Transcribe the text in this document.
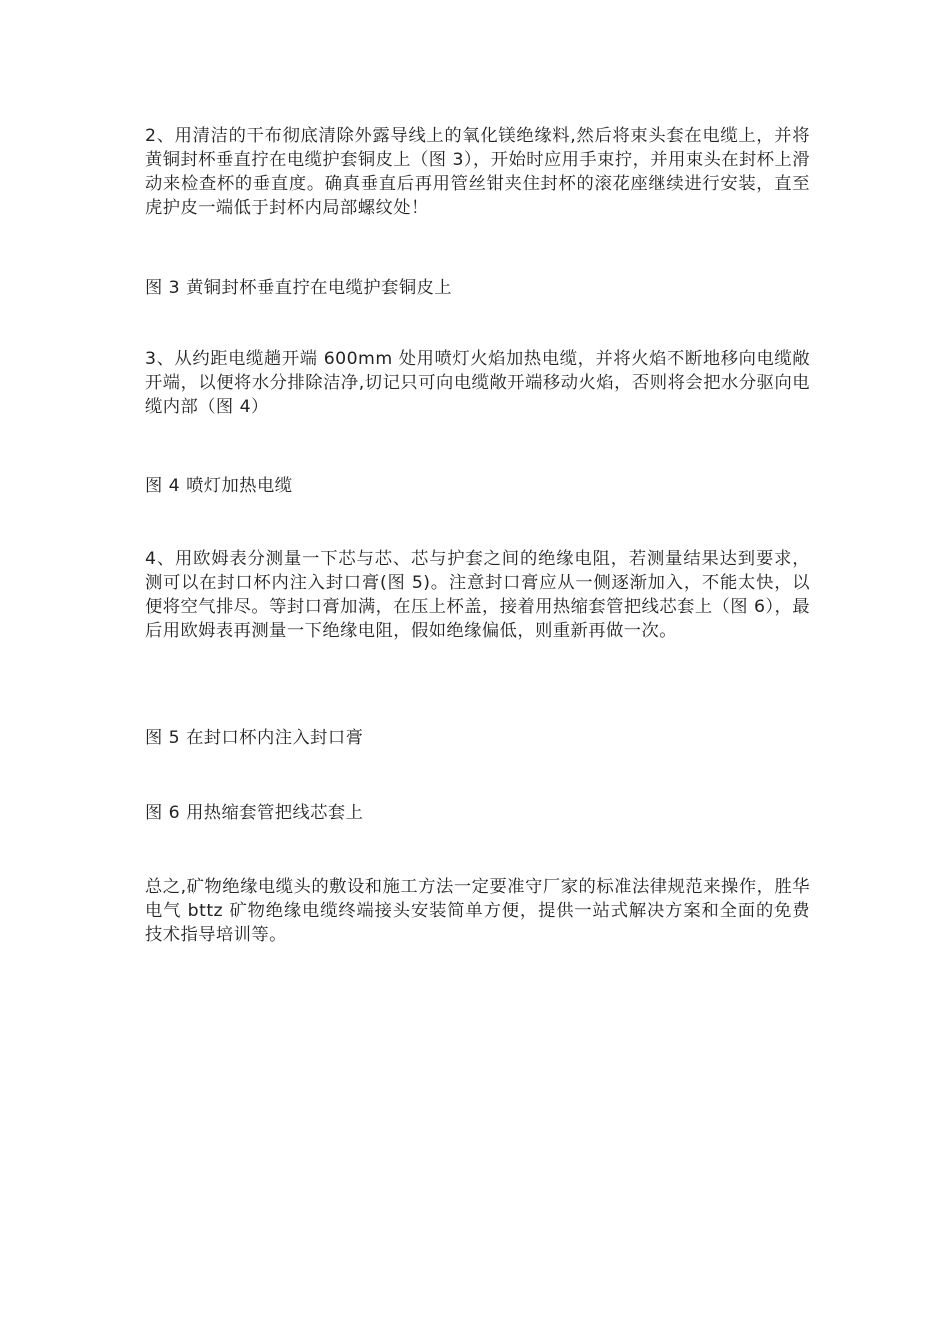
2、用清洁的干布彻底清除外露导线上的氧化镁绝缘料,然后将束头套在电缆上，并将黄铜封杯垂直拧在电缆护套铜皮上（图 3），开始时应用手束拧，并用束头在封杯上滑动来检查杯的垂直度。确真垂直后再用管丝钳夹住封杯的滚花座继续进行安装，直至虎护皮一端低于封杯内局部螺纹处！

图 3 黄铜封杯垂直拧在电缆护套铜皮上

3、从约距电缆趟开端 600mm 处用喷灯火焰加热电缆，并将火焰不断地移向电缆敞开端，以便将水分排除洁净,切记只可向电缆敞开端移动火焰，否则将会把水分驱向电缆内部（图 4）

图 4 喷灯加热电缆

4、用欧姆表分测量一下芯与芯、芯与护套之间的绝缘电阻，若测量结果达到要求，测可以在封口杯内注入封口膏(图 5)。注意封口膏应从一侧逐渐加入，不能太快，以便将空气排尽。等封口膏加满，在压上杯盖，接着用热缩套管把线芯套上（图 6），最后用欧姆表再测量一下绝缘电阻，假如绝缘偏低，则重新再做一次。

图 5 在封口杯内注入封口膏

图 6 用热缩套管把线芯套上

总之,矿物绝缘电缆头的敷设和施工方法一定要准守厂家的标准法律规范来操作，胜华电气 bttz 矿物绝缘电缆终端接头安装简单方便，提供一站式解决方案和全面的免费技术指导培训等。
